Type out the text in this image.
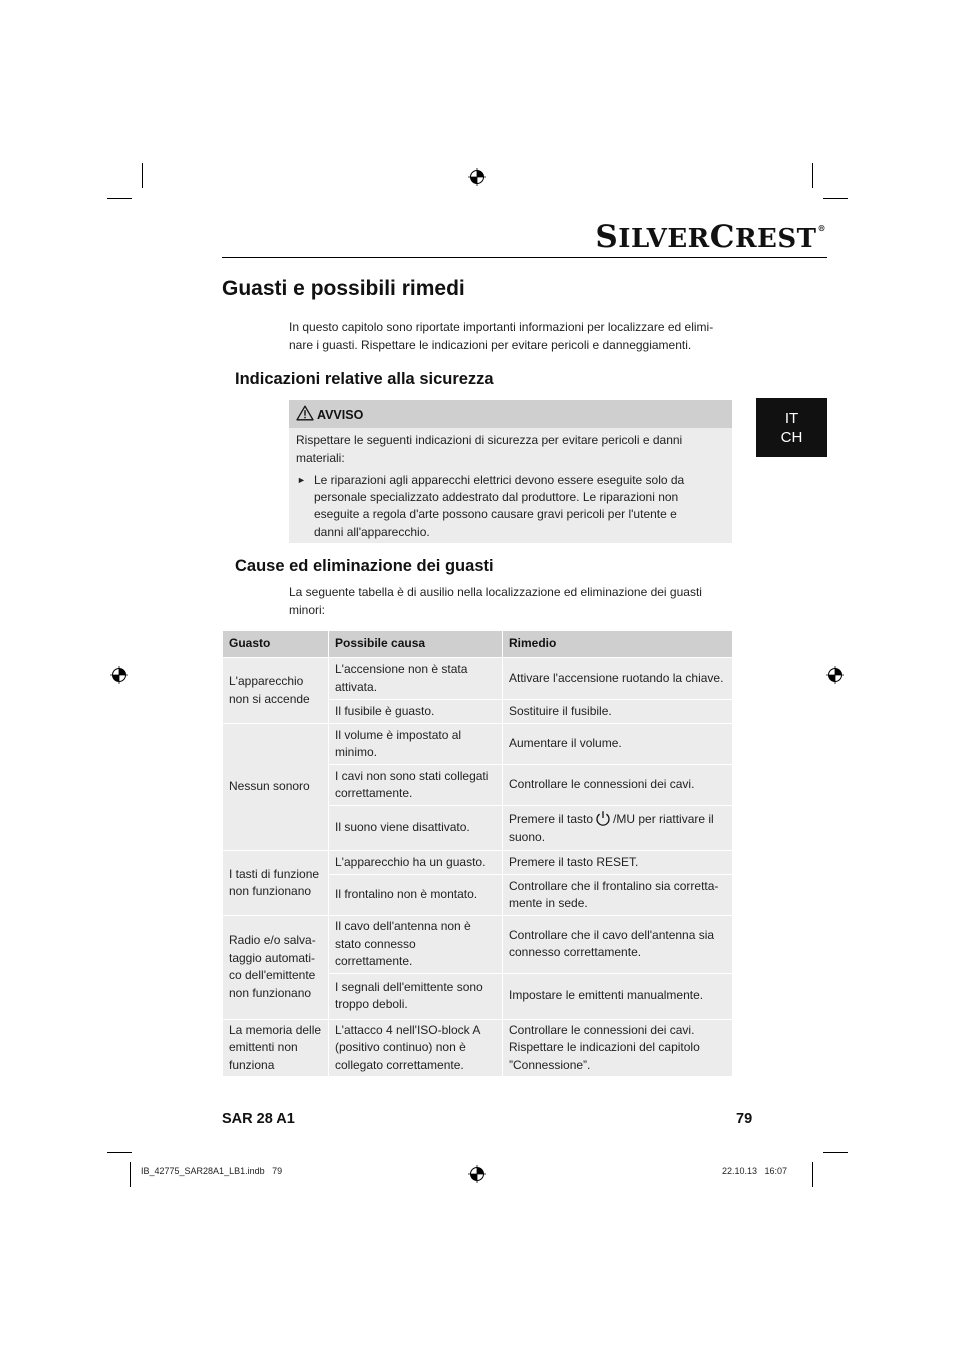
SILVERCREST®
Guasti e possibili rimedi

In questo capitolo sono riportate importanti informazioni per localizzare ed elimi-

nare i guasti. Rispettare le indicazioni per evitare pericoli e danneggiamenti.

Indicazioni relative alla sicurezza
IT
CH
AVVISO

Rispettare le seguenti indicazioni di sicurezza per evitare pericoli e danni

materiali:

► Le riparazioni agli apparecchi elettrici devono essere eseguite solo da

personale specializzato addestrato dal produttore. Le riparazioni non

eseguite a regola d'arte possono causare gravi pericoli per l'utente e

danni all'apparecchio.

Cause ed eliminazione dei guasti

La seguente tabella è di ausilio nella localizzazione ed eliminazione dei guasti

minori:

Guasto	Possibile causa	Rimedio
L'apparecchio non si accende	L'accensione non è stata attivata.	Attivare l'accensione ruotando la chiave.
	Il fusibile è guasto.	Sostituire il fusibile.
Nessun sonoro	Il volume è impostato al minimo.	Aumentare il volume.
	I cavi non sono stati collegati correttamente.	Controllare le connessioni dei cavi.
	Il suono viene disattivato.	Premere il tasto /MU per riattivare il suono.
I tasti di funzione non funzionano	L'apparecchio ha un guasto.	Premere il tasto RESET.
	Il frontalino non è montato.	Controllare che il frontalino sia corretta-mente in sede.
Radio e/o salva-taggio automati-co dell'emittente non funzionano	Il cavo dell'antenna non è stato connesso correttamente.	Controllare che il cavo dell'antenna sia connesso correttamente.
	I segnali dell'emittente sono troppo deboli.	Impostare le emittenti manualmente.
La memoria delle emittenti non funziona	L'attacco 4 nell'ISO-block A (positivo continuo) non è collegato correttamente.	Controllare le connessioni dei cavi. Rispettare le indicazioni del capitolo ”Connessione”.
SAR 28 A1	79
IB_42775_SAR28A1_LB1.indb   79	22.10.13   16:07
